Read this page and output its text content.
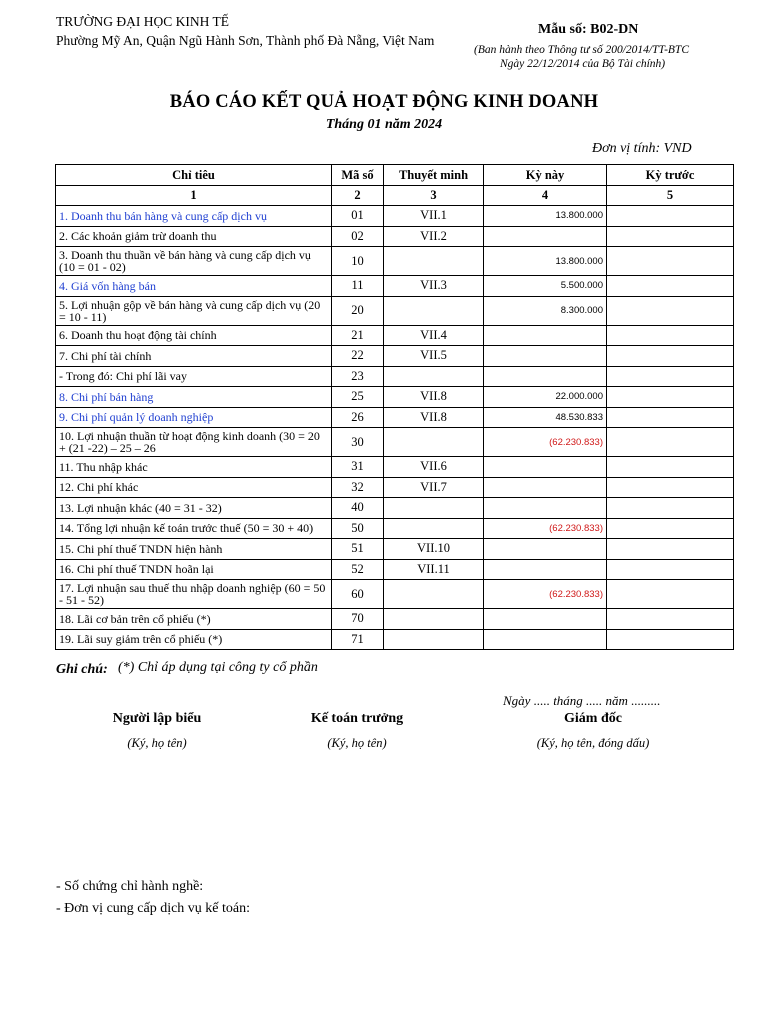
TRƯỜNG ĐẠI HỌC KINH TẾ
Phường Mỹ An, Quận Ngũ Hành Sơn, Thành phố Đà Nẵng, Việt Nam
Mẫu số: B02-DN
(Ban hành theo Thông tư số 200/2014/TT-BTC
Ngày 22/12/2014 của Bộ Tài chính)
BÁO CÁO KẾT QUẢ HOẠT ĐỘNG KINH DOANH
Tháng 01 năm 2024
Đơn vị tính: VND
Chỉ tiêu	Mã số	Thuyết minh	Kỳ này	Kỳ trước
1	2	3	4	5
1. Doanh thu bán hàng và cung cấp dịch vụ	01	VII.1	13.800.000	
2. Các khoản giảm trừ doanh thu	02	VII.2		
3. Doanh thu thuần về bán hàng và cung cấp dịch vụ (10 = 01 - 02)	10		13.800.000	
4. Giá vốn hàng bán	11	VII.3	5.500.000	
5. Lợi nhuận gộp về bán hàng và cung cấp dịch vụ (20 = 10 - 11)	20		8.300.000	
6. Doanh thu hoạt động tài chính	21	VII.4		
7. Chi phí tài chính	22	VII.5		
- Trong đó: Chi phí lãi vay	23			
8. Chi phí bán hàng	25	VII.8	22.000.000	
9. Chi phí quản lý doanh nghiệp	26	VII.8	48.530.833	
10. Lợi nhuận thuần từ hoạt động kinh doanh (30 = 20 + (21 -22) – 25 – 26	30		(62.230.833)	
11. Thu nhập khác	31	VII.6		
12. Chi phí khác	32	VII.7		
13. Lợi nhuận khác (40 = 31 - 32)	40			
14. Tổng lợi nhuận kế toán trước thuế (50 = 30 + 40)	50		(62.230.833)	
15. Chi phí thuế TNDN hiện hành	51	VII.10		
16. Chi phí thuế TNDN hoãn lại	52	VII.11		
17. Lợi nhuận sau thuế thu nhập doanh nghiệp (60 = 50 - 51 - 52)	60		(62.230.833)	
18. Lãi cơ bản trên cổ phiếu (*)	70			
19. Lãi suy giảm trên cổ phiếu (*)	71			
Ghi chú: (*) Chỉ áp dụng tại công ty cổ phần
Ngày ..... tháng ..... năm .........
Người lập biểu
(Ký, họ tên)
Kế toán trưởng
(Ký, họ tên)
Giám đốc
(Ký, họ tên, đóng dấu)
- Số chứng chỉ hành nghề:
- Đơn vị cung cấp dịch vụ kế toán:
